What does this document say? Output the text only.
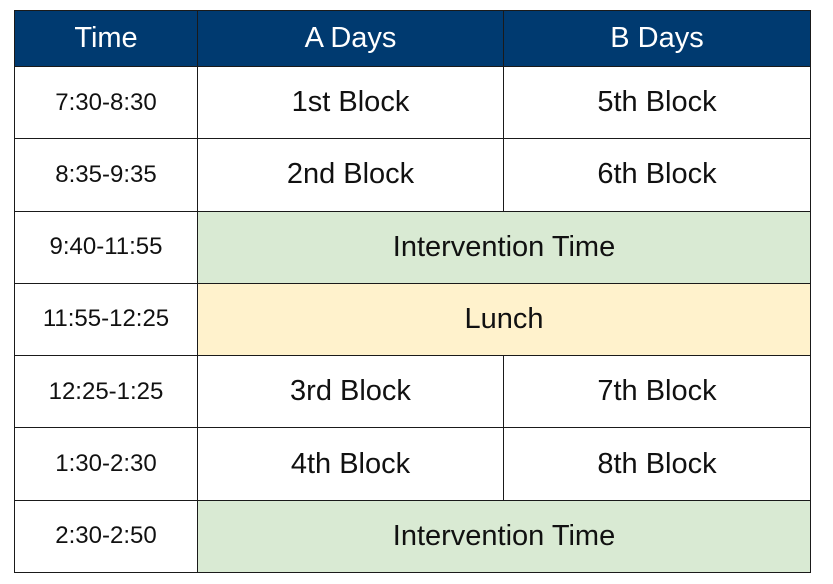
Time	A Days	B Days
7:30-8:30	1st Block	5th Block
8:35-9:35	2nd Block	6th Block
9:40-11:55	Intervention Time	
11:55-12:25	Lunch	
12:25-1:25	3rd Block	7th Block
1:30-2:30	4th Block	8th Block
2:30-2:50	Intervention Time	
